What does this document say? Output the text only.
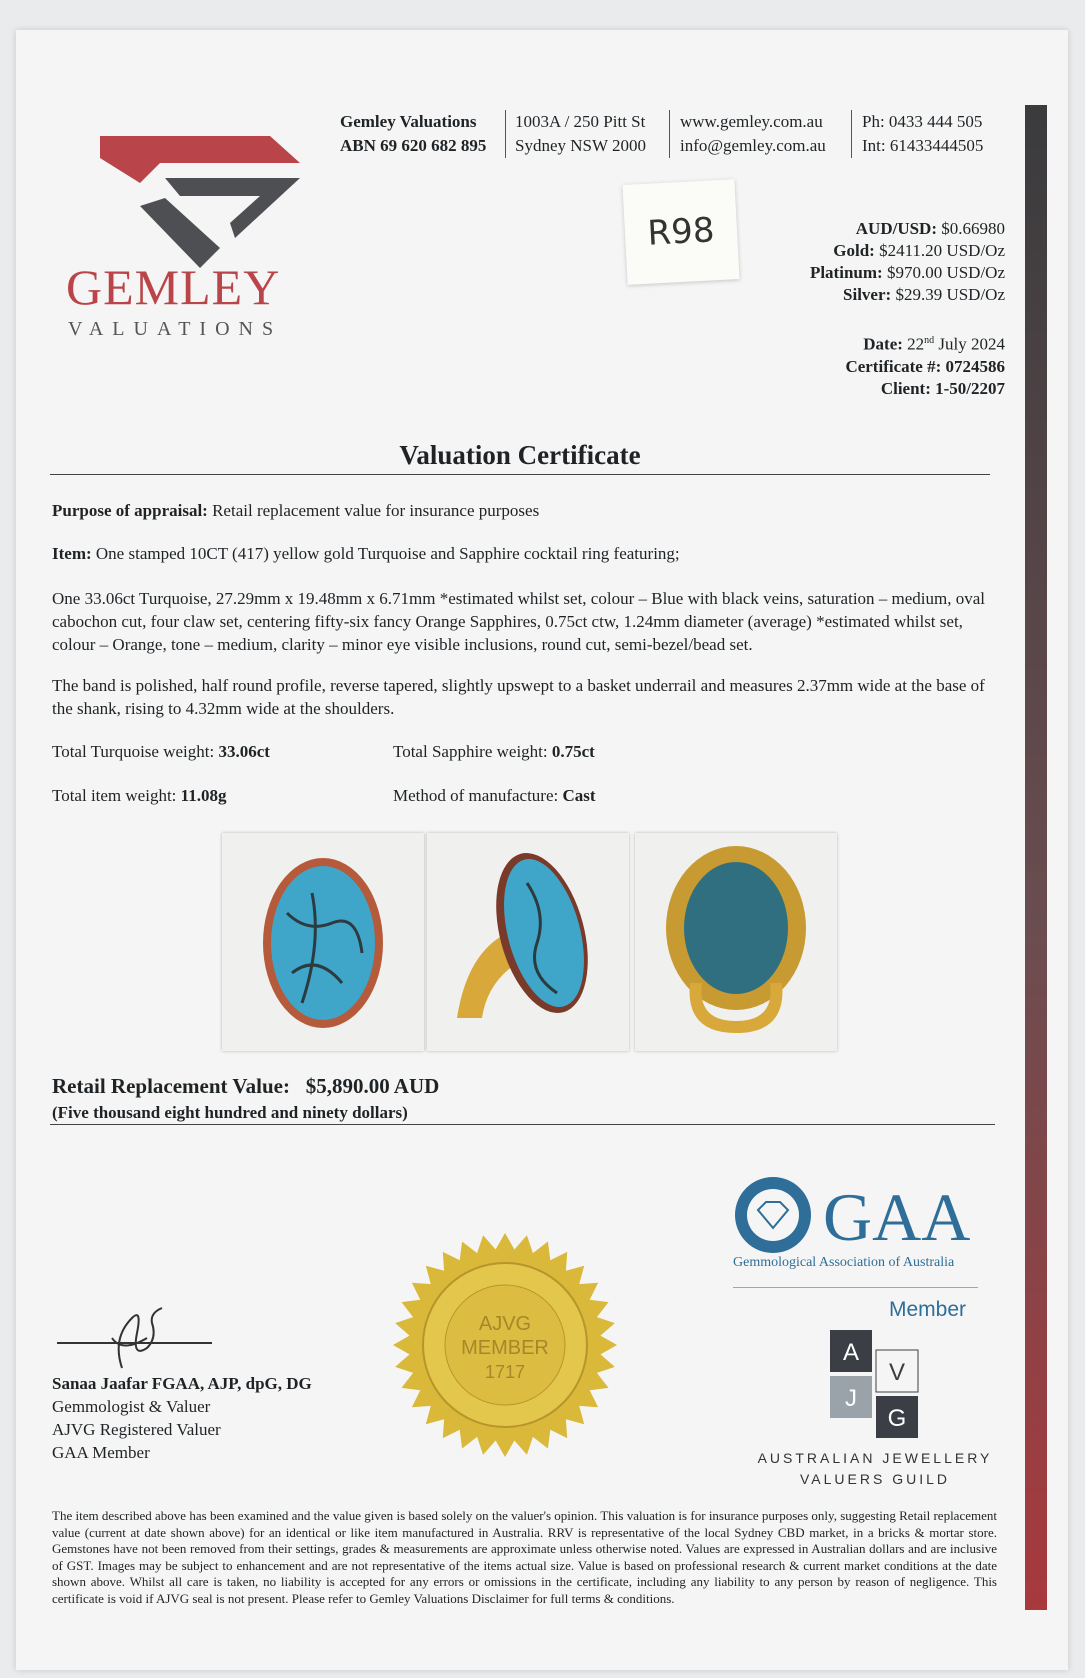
GEMLEY
VALUATIONS
Gemley Valuations
ABN 69 620 682 895
1003A / 250 Pitt St
Sydney NSW 2000
www.gemley.com.au
info@gemley.com.au
Ph: 0433 444 505
Int: 61433444505
R98	AUD/USD: $0.66980
Gold: $2411.20 USD/Oz
Platinum: $970.00 USD/Oz
Silver: $29.39 USD/Oz
Date: 22nd July 2024
Certificate #: 0724586
Client: 1-50/2207
Valuation Certificate
Purpose of appraisal: Retail replacement value for insurance purposes
Item: One stamped 10CT (417) yellow gold Turquoise and Sapphire cocktail ring featuring;
One 33.06ct Turquoise, 27.29mm x 19.48mm x 6.71mm *estimated whilst set, colour – Blue with black veins, saturation – medium, oval cabochon cut, four claw set, centering fifty-six fancy Orange Sapphires, 0.75ct ctw, 1.24mm diameter (average) *estimated whilst set, colour – Orange, tone – medium, clarity – minor eye visible inclusions, round cut, semi-bezel/bead set.
The band is polished, half round profile, reverse tapered, slightly upswept to a basket underrail and measures 2.37mm wide at the base of the shank, rising to 4.32mm wide at the shoulders.
Total Turquoise weight: 33.06ct	Total Sapphire weight: 0.75ct
Total item weight: 11.08g	Method of manufacture: Cast
Retail Replacement Value: $5,890.00 AUD
(Five thousand eight hundred and ninety dollars)
GAA
Gemmological Association of Australia
Member
A
V
J
G
AUSTRALIAN JEWELLERY
VALUERS GUILD
AJVG
MEMBER
1717
Sanaa Jaafar FGAA, AJP, dpG, DG
Gemmologist & Valuer
AJVG Registered Valuer
GAA Member
The item described above has been examined and the value given is based solely on the valuer's opinion. This valuation is for insurance purposes only, suggesting Retail replacement value (current at date shown above) for an identical or like item manufactured in Australia. RRV is representative of the local Sydney CBD market, in a bricks & mortar store. Gemstones have not been removed from their settings, grades & measurements are approximate unless otherwise noted. Values are expressed in Australian dollars and are inclusive of GST. Images may be subject to enhancement and are not representative of the items actual size. Value is based on professional research & current market conditions at the date shown above. Whilst all care is taken, no liability is accepted for any errors or omissions in the certificate, including any liability to any person by reason of negligence. This certificate is void if AJVG seal is not present. Please refer to Gemley Valuations Disclaimer for full terms & conditions.
